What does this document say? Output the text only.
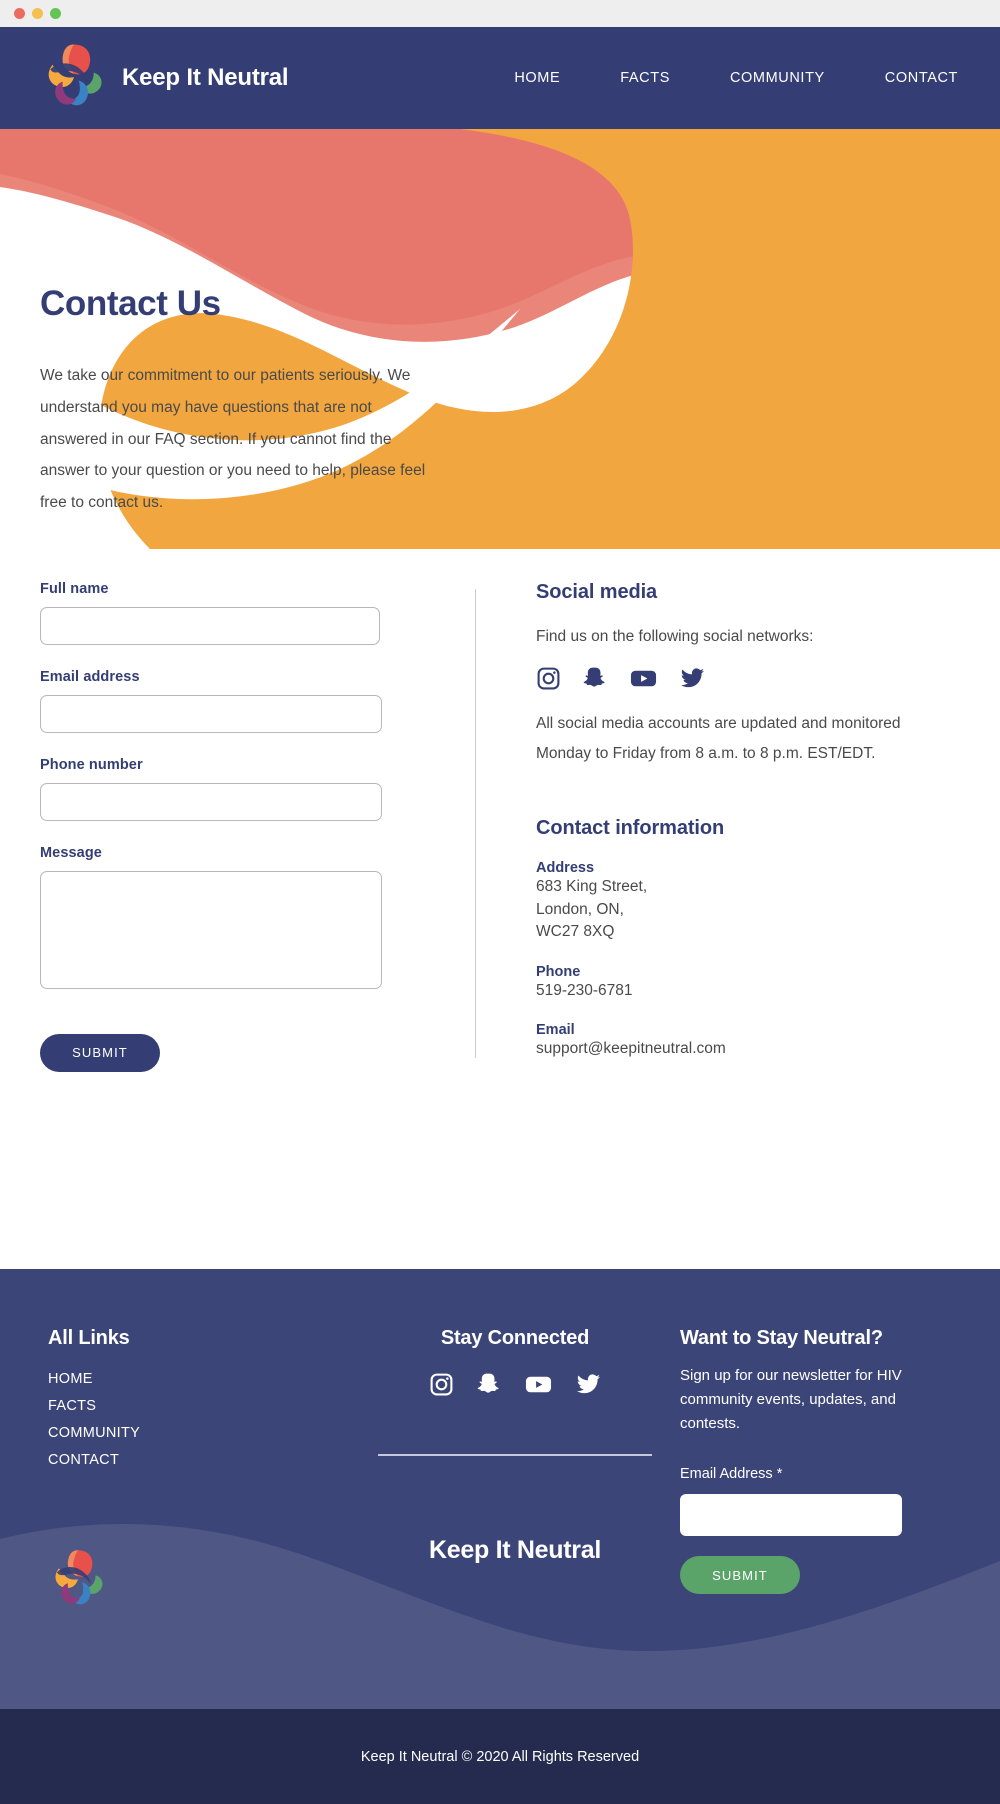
Keep It Neutral	HOME	FACTS	COMMUNITY	CONTACT
Contact Us

We take our commitment to our patients seriously. We understand you may have questions that are not answered in our FAQ section. If you cannot find the answer to your question or you need to help, please feel free to contact us.

Full name
Email address
Phone number
Message
SUBMIT
Social media

Find us on the following social networks:

All social media accounts are updated and monitored Monday to Friday from 8 a.m. to 8 p.m. EST/EDT.

Contact information
Address
683 King Street,
London, ON,
WC27 8XQ
Phone
519-230-6781
Email
support@keepitneutral.com
All Links
HOME
FACTS
COMMUNITY
CONTACT
Stay Connected
Keep It Neutral
Want to Stay Neutral?

Sign up for our newsletter for HIV community events, updates, and contests.

Email Address *

SUBMIT
Keep It Neutral © 2020 All Rights Reserved
